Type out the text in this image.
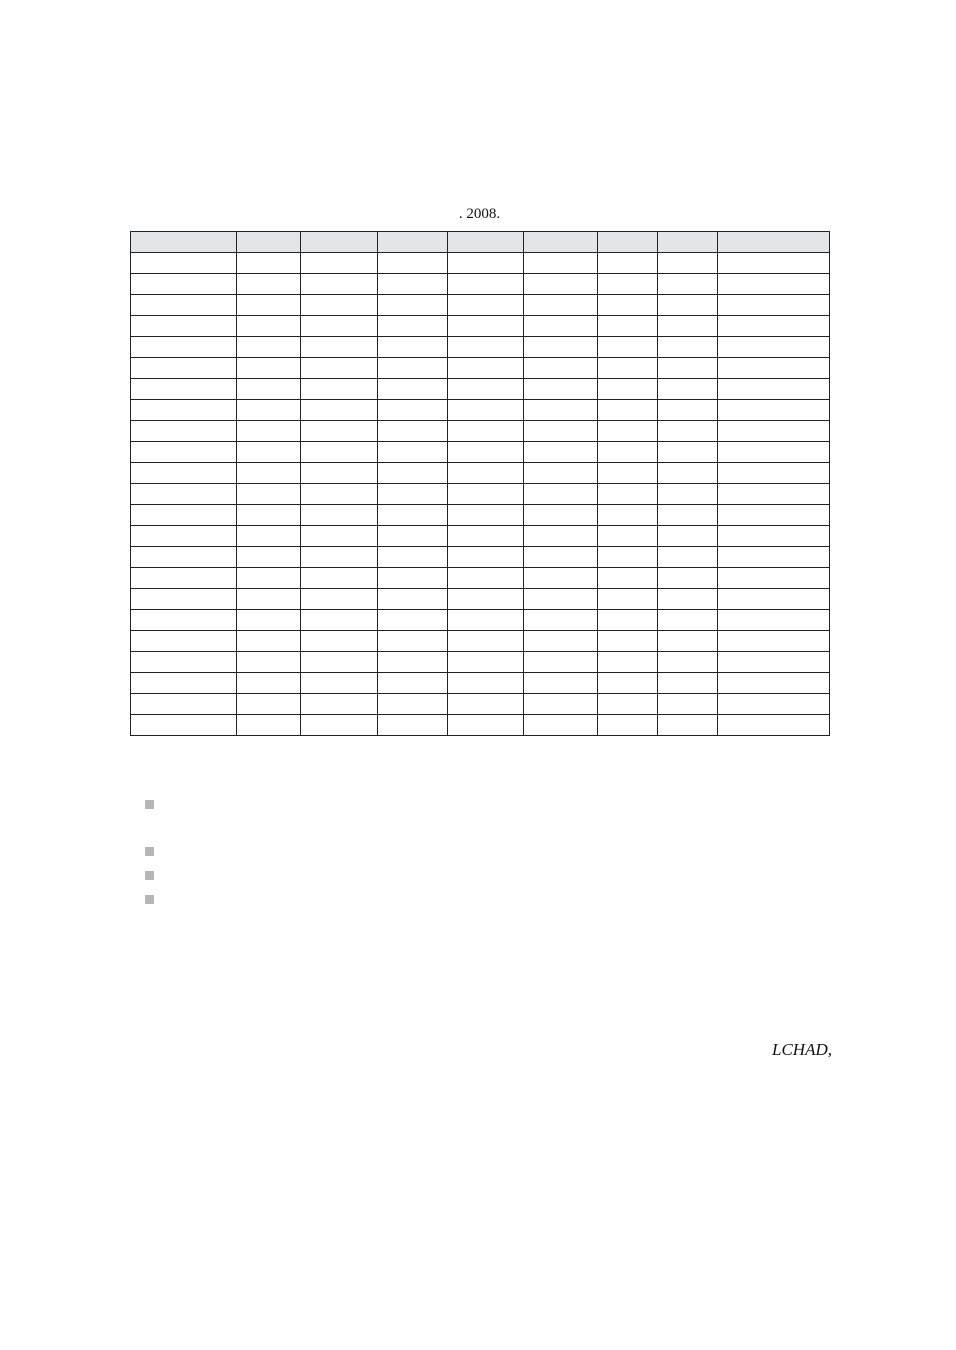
. 2008.

LCHAD,
